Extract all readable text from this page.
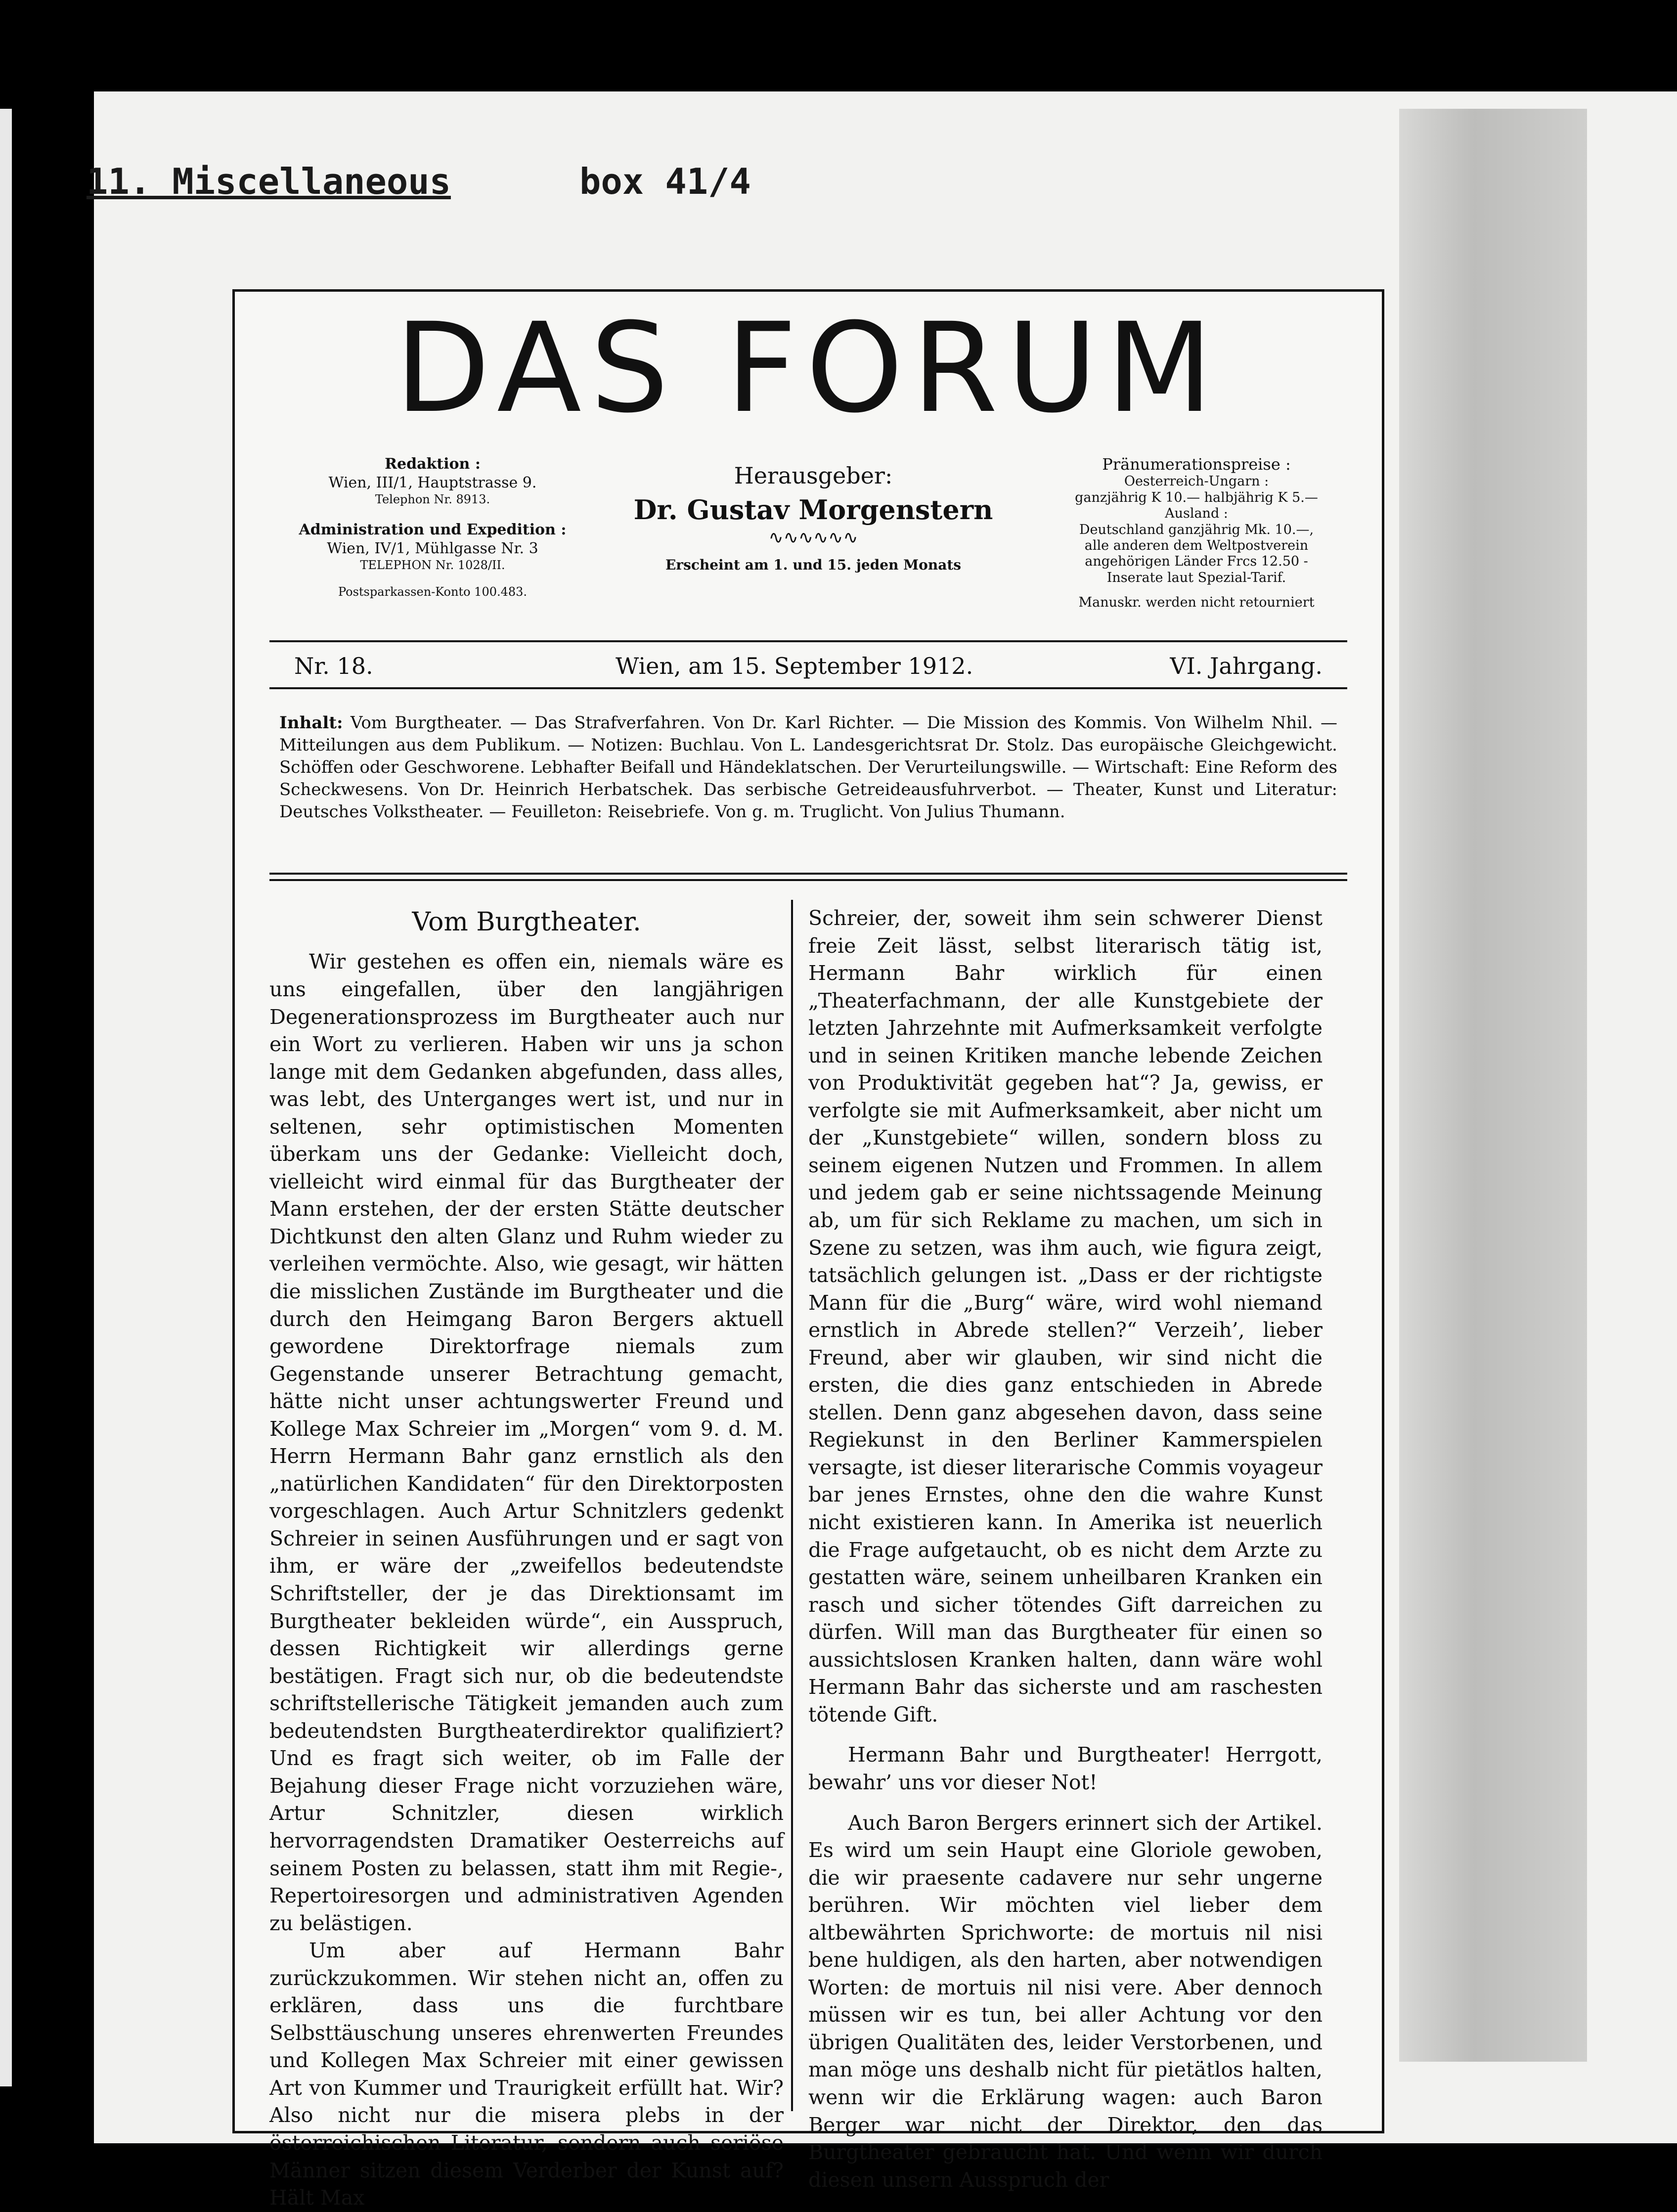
11. Miscellaneous	box 41/4
DAS FORUM
Redaktion :
Wien, III/1, Hauptstrasse 9.
Telephon Nr. 8913.
Administration und Expedition :
Wien, IV/1, Mühlgasse Nr. 3
TELEPHON Nr. 1028/II.
Postsparkassen-Konto 100.483.
Herausgeber:
Dr. Gustav Morgenstern
∿∿∿∿∿∿
Erscheint am 1. und 15. jeden Monats
Pränumerationspreise :
Oesterreich-Ungarn :
ganzjährig K 10.— halbjährig K 5.—
Ausland :
Deutschland ganzjährig Mk. 10.—,
alle anderen dem Weltpostverein
angehörigen Länder Frcs 12.50 -
Inserate laut Spezial-Tarif.
Manuskr. werden nicht retourniert
Nr. 18.	Wien, am 15. September 1912.	VI. Jahrgang.
Inhalt: Vom Burgtheater. — Das Strafverfahren. Von Dr. Karl Richter. — Die Mission des Kommis. Von Wilhelm Nhil. — Mitteilungen aus dem Publikum. — Notizen: Buchlau. Von L. Landesgerichtsrat Dr. Stolz. Das europäische Gleichgewicht. Schöffen oder Geschworene. Lebhafter Beifall und Händeklatschen. Der Verurteilungswille. — Wirtschaft: Eine Reform des Scheckwesens. Von Dr. Heinrich Herbatschek. Das serbische Getreideausfuhrverbot. — Theater, Kunst und Literatur: Deutsches Volkstheater. — Feuilleton: Reisebriefe. Von g. m. Truglicht. Von Julius Thumann.
Vom Burgtheater.

Wir gestehen es offen ein, niemals wäre es uns eingefallen, über den langjährigen Degenerationsprozess im Burgtheater auch nur ein Wort zu verlieren. Haben wir uns ja schon lange mit dem Gedanken abgefunden, dass alles, was lebt, des Unterganges wert ist, und nur in seltenen, sehr optimistischen Momenten überkam uns der Gedanke: Vielleicht doch, vielleicht wird einmal für das Burgtheater der Mann erstehen, der der ersten Stätte deutscher Dichtkunst den alten Glanz und Ruhm wieder zu verleihen vermöchte. Also, wie gesagt, wir hätten die misslichen Zustände im Burgtheater und die durch den Heimgang Baron Bergers aktuell gewordene Direktorfrage niemals zum Gegenstande unserer Betrachtung gemacht, hätte nicht unser achtungswerter Freund und Kollege Max Schreier im „Morgen“ vom 9. d. M. Herrn Hermann Bahr ganz ernstlich als den „natürlichen Kandidaten“ für den Direktorposten vorgeschlagen. Auch Artur Schnitzlers gedenkt Schreier in seinen Ausführungen und er sagt von ihm, er wäre der „zweifellos bedeutendste Schriftsteller, der je das Direktionsamt im Burgtheater bekleiden würde“, ein Ausspruch, dessen Richtigkeit wir allerdings gerne bestätigen. Fragt sich nur, ob die bedeutendste schriftstellerische Tätigkeit jemanden auch zum bedeutendsten Burgtheaterdirektor qualifiziert? Und es fragt sich weiter, ob im Falle der Bejahung dieser Frage nicht vorzuziehen wäre, Artur Schnitzler, diesen wirklich hervorragendsten Dramatiker Oesterreichs auf seinem Posten zu belassen, statt ihm mit Regie-, Repertoiresorgen und administrativen Agenden zu belästigen.

Um aber auf Hermann Bahr zurückzukommen. Wir stehen nicht an, offen zu erklären, dass uns die furchtbare Selbsttäuschung unseres ehrenwerten Freundes und Kollegen Max Schreier mit einer gewissen Art von Kummer und Traurigkeit erfüllt hat. Wir? Also nicht nur die misera plebs in der österreichischen Literatur, sondern auch seriöse Männer sitzen diesem Verderber der Kunst auf? Hält Max

Schreier, der, soweit ihm sein schwerer Dienst freie Zeit lässt, selbst literarisch tätig ist, Hermann Bahr wirklich für einen „Theaterfachmann, der alle Kunstgebiete der letzten Jahrzehnte mit Aufmerksamkeit verfolgte und in seinen Kritiken manche lebende Zeichen von Produktivität gegeben hat“? Ja, gewiss, er verfolgte sie mit Aufmerksamkeit, aber nicht um der „Kunstgebiete“ willen, sondern bloss zu seinem eigenen Nutzen und Frommen. In allem und jedem gab er seine nichtssagende Meinung ab, um für sich Reklame zu machen, um sich in Szene zu setzen, was ihm auch, wie figura zeigt, tatsächlich gelungen ist. „Dass er der richtigste Mann für die „Burg“ wäre, wird wohl niemand ernstlich in Abrede stellen?“ Verzeih’, lieber Freund, aber wir glauben, wir sind nicht die ersten, die dies ganz entschieden in Abrede stellen. Denn ganz abgesehen davon, dass seine Regiekunst in den Berliner Kammerspielen versagte, ist dieser literarische Commis voyageur bar jenes Ernstes, ohne den die wahre Kunst nicht existieren kann. In Amerika ist neuerlich die Frage aufgetaucht, ob es nicht dem Arzte zu gestatten wäre, seinem unheilbaren Kranken ein rasch und sicher tötendes Gift darreichen zu dürfen. Will man das Burgtheater für einen so aussichtslosen Kranken halten, dann wäre wohl Hermann Bahr das sicherste und am raschesten tötende Gift.

Hermann Bahr und Burgtheater! Herrgott, bewahr’ uns vor dieser Not!

Auch Baron Bergers erinnert sich der Artikel. Es wird um sein Haupt eine Gloriole gewoben, die wir praesente cadavere nur sehr ungerne berühren. Wir möchten viel lieber dem altbewährten Sprichworte: de mortuis nil nisi bene huldigen, als den harten, aber notwendigen Worten: de mortuis nil nisi vere. Aber dennoch müssen wir es tun, bei aller Achtung vor den übrigen Qualitäten des, leider Verstorbenen, und man möge uns deshalb nicht für pietätlos halten, wenn wir die Erklärung wagen: auch Baron Berger war nicht der Direktor, den das Burgtheater gebraucht hat. Und wenn wir durch diesen unsern Ausspruch der
